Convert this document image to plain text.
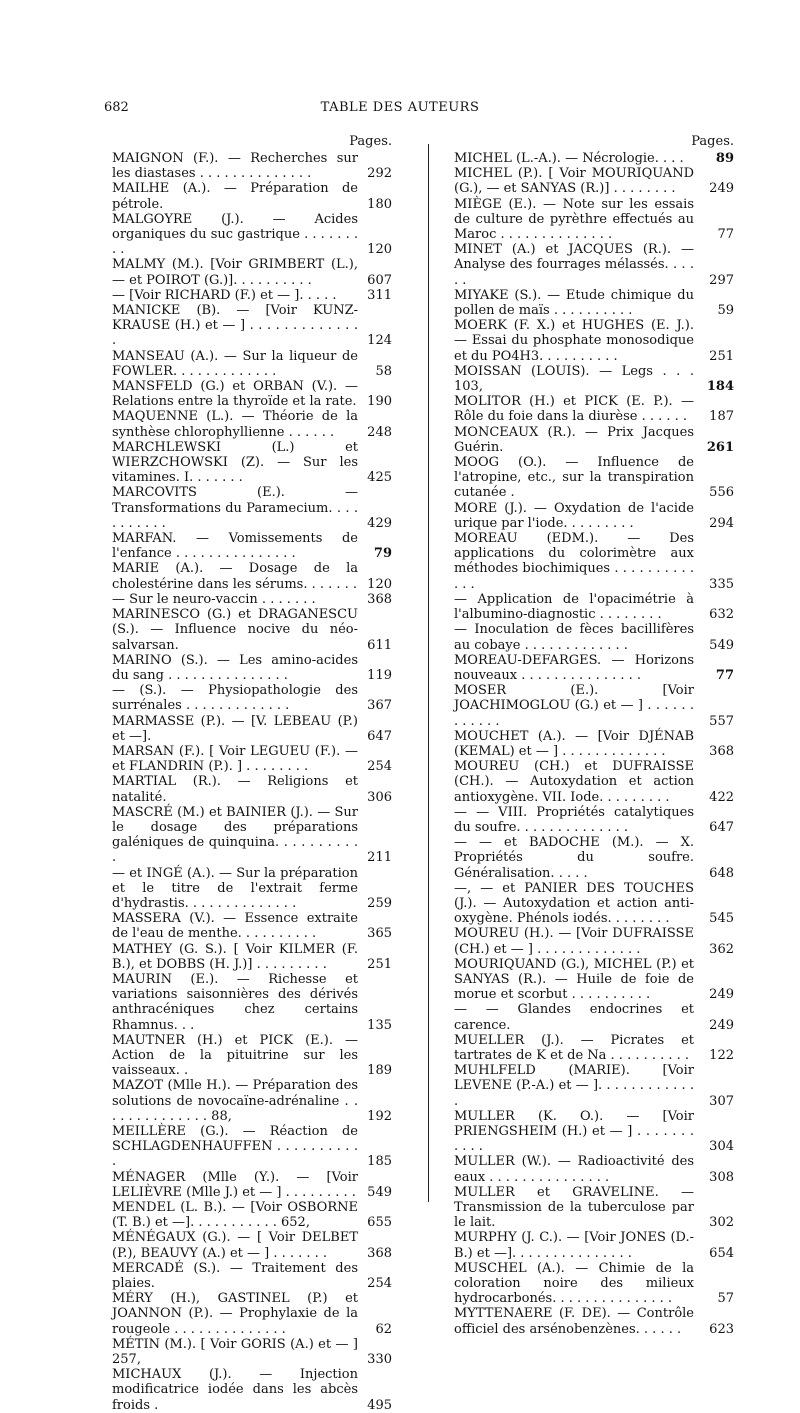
682	TABLE DES AUTEURS
Pages.
MAIGNON (F.). — Recherches sur les diastases . . . . . . . . . . . . . .	292
MAILHE (A.). — Préparation de pétrole.	180
MALGOYRE (J.). — Acides organiques du suc gastrique . . . . . . . . .	120
MALMY (M.). [Voir GRIMBERT (L.), — et POIROT (G.)]. . . . . . . . . .	607
— [Voir RICHARD (F.) et — ]. . . . .	311
MANICKE (B). — [Voir KUNZ-KRAUSE (H.) et — ] . . . . . . . . . . . . . .	124
MANSEAU (A.). — Sur la liqueur de FOWLER. . . . . . . . . . . . .	58
MANSFELD (G.) et ORBAN (V.). — Relations entre la thyroïde et la rate. 190
MAQUENNE (L.). — Théorie de la synthèse chlorophyllienne . . . . . .	248
MARCHLEWSKI (L.) et WIERZCHOWSKI (Z). — Sur les vitamines. I. . . . . . .	425
MARCOVITS (E.). — Transformations du Paramecium. . . . . . . . . . .	429
MARFAN. — Vomissements de l'enfance . . . . . . . . . . . . . . .	79
MARIE (A.). — Dosage de la cholestérine dans les sérums. . . . . . . 120
— Sur le neuro-vaccin . . . . . . .	368
MARINESCO (G.) et DRAGANESCU (S.). — Influence nocive du néo-salvarsan.	611
MARINO (S.). — Les amino-acides du sang . . . . . . . . . . . . . . .	119
— (S.). — Physiopathologie des surrénales . . . . . . . . . . . . .	367
MARMASSE (P.). — [V. LEBEAU (P.) et —].	647
MARSAN (F.). [ Voir LEGUEU (F.). — et FLANDRIN (P.). ] . . . . . . . .	254
MARTIAL (R.). — Religions et natalité.	306
MASCRÉ (M.) et BAINIER (J.). — Sur le dosage des préparations galéniques de quinquina. . . . . . . . . . .	211
— et INGÉ (A.). — Sur la préparation et le titre de l'extrait ferme d'hydrastis. . . . . . . . . . . . . .	259
MASSERA (V.). — Essence extraite de l'eau de menthe. . . . . . . . . .	365
MATHEY (G. S.). [ Voir KILMER (F. B.), et DOBBS (H. J.)] . . . . . . . . .	251
MAURIN (E.). — Richesse et variations saisonnières des dérivés anthracéniques chez certains Rhamnus. . .	135
MAUTNER (H.) et PICK (E.). — Action de la pituitrine sur les vaisseaux. .	189
MAZOT (Mlle H.). — Préparation des solutions de novocaïne-adrénaline . . . . . . . . . . . . . . 88,	192
MEILLÈRE (G.). — Réaction de SCHLAGDENHAUFFEN . . . . . . . . . . .	185
MÉNAGER (Mlle (Y.). — [Voir LELIÈVRE (Mlle J.) et — ] . . . . . . . . . 549
MENDEL (L. B.). — [Voir OSBORNE (T. B.) et —]. . . . . . . . . . . 652,	655
MÉNÉGAUX (G.). — [ Voir DELBET (P.), BEAUVY (A.) et — ] . . . . . . .	368
MERCADÉ (S.). — Traitement des plaies.	254
MÉRY (H.), GASTINEL (P.) et JOANNON (P.). — Prophylaxie de la rougeole . . . . . . . . . . . . . .	62
MÉTIN (M.). [ Voir GORIS (A.) et — ] 257,	330
MICHAUX (J.). — Injection modificatrice iodée dans les abcès froids .	495
Pages.
MICHEL (L.-A.). — Nécrologie. . . .	89
MICHEL (P.). [ Voir MOURIQUAND (G.), — et SANYAS (R.)] . . . . . . . .	249
MIÈGE (E.). — Note sur les essais de culture de pyrèthre effectués au Maroc . . . . . . . . . . . . . .	77
MINET (A.) et JACQUES (R.). — Analyse des fourrages mélassés. . . . . .	297
MIYAKE (S.). — Etude chimique du pollen de maïs . . . . . . . . . .	59
MOERK (F. X.) et HUGHES (E. J.). — Essai du phosphate monosodique et du PO4H3. . . . . . . . . .	251
MOISSAN (LOUIS). — Legs . . . 103,	184
MOLITOR (H.) et PICK (E. P.). — Rôle du foie dans la diurèse . . . . . .	187
MONCEAUX (R.). — Prix Jacques Guérin.	261
MOOG (O.). — Influence de l'atropine, etc., sur la transpiration cutanée .	556
MORE (J.). — Oxydation de l'acide urique par l'iode. . . . . . . . .	294
MOREAU (EDM.). — Des applications du colorimètre aux méthodes biochimiques . . . . . . . . . . . . .	335
— Application de l'opacimétrie à l'albumino-diagnostic . . . . . . . .	632
— Inoculation de fèces bacillifères au cobaye . . . . . . . . . . . . .	549
MOREAU-DEFARGES. — Horizons nouveaux . . . . . . . . . . . . . . .	77
MOSER (E.). [Voir JOACHIMOGLOU (G.) et — ] . . . . . . . . . . . .	557
MOUCHET (A.). — [Voir DJÉNAB (KEMAL) et — ] . . . . . . . . . . . . .	368
MOUREU (CH.) et DUFRAISSE (CH.). — Autoxydation et action antioxygène. VII. Iode. . . . . . . . .	422
— — VIII. Propriétés catalytiques du soufre. . . . . . . . . . . . . .	647
— — et BADOCHE (M.). — X. Propriétés du soufre. Généralisation. . . . .	648
—, — et PANIER DES TOUCHES (J.). — Autoxydation et action anti-oxygène. Phénols iodés. . . . . . . .	545
MOUREU (H.). — [Voir DUFRAISSE (CH.) et — ] . . . . . . . . . . . . .	362
MOURIQUAND (G.), MICHEL (P.) et SANYAS (R.). — Huile de foie de morue et scorbut . . . . . . . . . .	249
— — Glandes endocrines et carence.	249
MUELLER (J.). — Picrates et tartrates de K et de Na . . . . . . . . . .	122
MUHLFELD (MARIE). [Voir LEVENE (P.-A.) et — ]. . . . . . . . . . . . .	307
MULLER (K. O.). — [Voir PRIENGSHEIM (H.) et — ] . . . . . . . . . . .	304
MULLER (W.). — Radioactivité des eaux . . . . . . . . . . . . . . .	308
MULLER et GRAVELINE. — Transmission de la tuberculose par le lait.	302
MURPHY (J. C.). — [Voir JONES (D.-B.) et —]. . . . . . . . . . . . . . .	654
MUSCHEL (A.). — Chimie de la coloration noire des milieux hydrocarbonés. . . . . . . . . . . . . . .	57
MYTTENAERE (F. DE). — Contrôle officiel des arsénobenzènes. . . . . .	623
